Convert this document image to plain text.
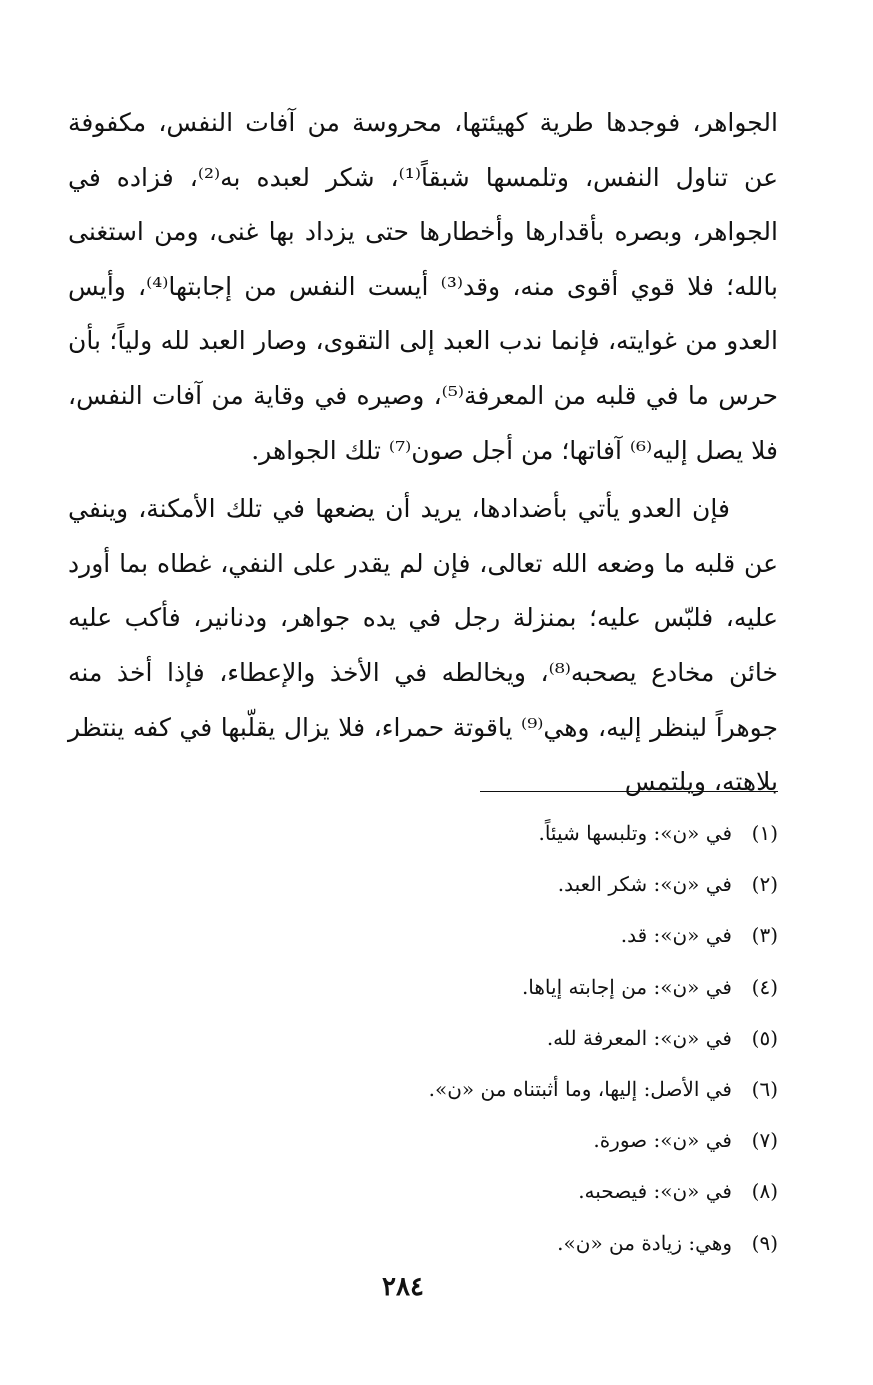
الجواهر، فوجدها طرية كهيئتها، محروسة من آفات النفس، مكفوفة عن تناول النفس، وتلمسها شبقاً⁽¹⁾، شكر لعبده به⁽²⁾، فزاده في الجواهر، وبصره بأقدارها وأخطارها حتى يزداد بها غنى، ومن استغنى بالله؛ فلا قوي أقوى منه، وقد⁽³⁾ أيست النفس من إجابتها⁽⁴⁾، وأيس العدو من غوايته، فإنما ندب العبد إلى التقوى، وصار العبد لله ولياً؛ بأن حرس ما في قلبه من المعرفة⁽⁵⁾، وصيره في وقاية من آفات النفس، فلا يصل إليه⁽⁶⁾ آفاتها؛ من أجل صون⁽⁷⁾ تلك الجواهر.

فإن العدو يأتي بأضدادها، يريد أن يضعها في تلك الأمكنة، وينفي عن قلبه ما وضعه الله تعالى، فإن لم يقدر على النفي، غطاه بما أورد عليه، فلبّس عليه؛ بمنزلة رجل في يده جواهر، ودنانير، فأكب عليه خائن مخادع يصحبه⁽⁸⁾، ويخالطه في الأخذ والإعطاء، فإذا أخذ منه جوهراً لينظر إليه، وهي⁽⁹⁾ ياقوتة حمراء، فلا يزال يقلّبها في كفه ينتظر بلاهته، ويلتمس

(١)في «ن»: وتلبسها شيئاً.
(٢)في «ن»: شكر العبد.
(٣)في «ن»: قد.
(٤)في «ن»: من إجابته إياها.
(٥)في «ن»: المعرفة لله.
(٦)في الأصل: إليها، وما أثبتناه من «ن».
(٧)في «ن»: صورة.
(٨)في «ن»: فيصحبه.
(٩)وهي: زيادة من «ن».
٢٨٤
